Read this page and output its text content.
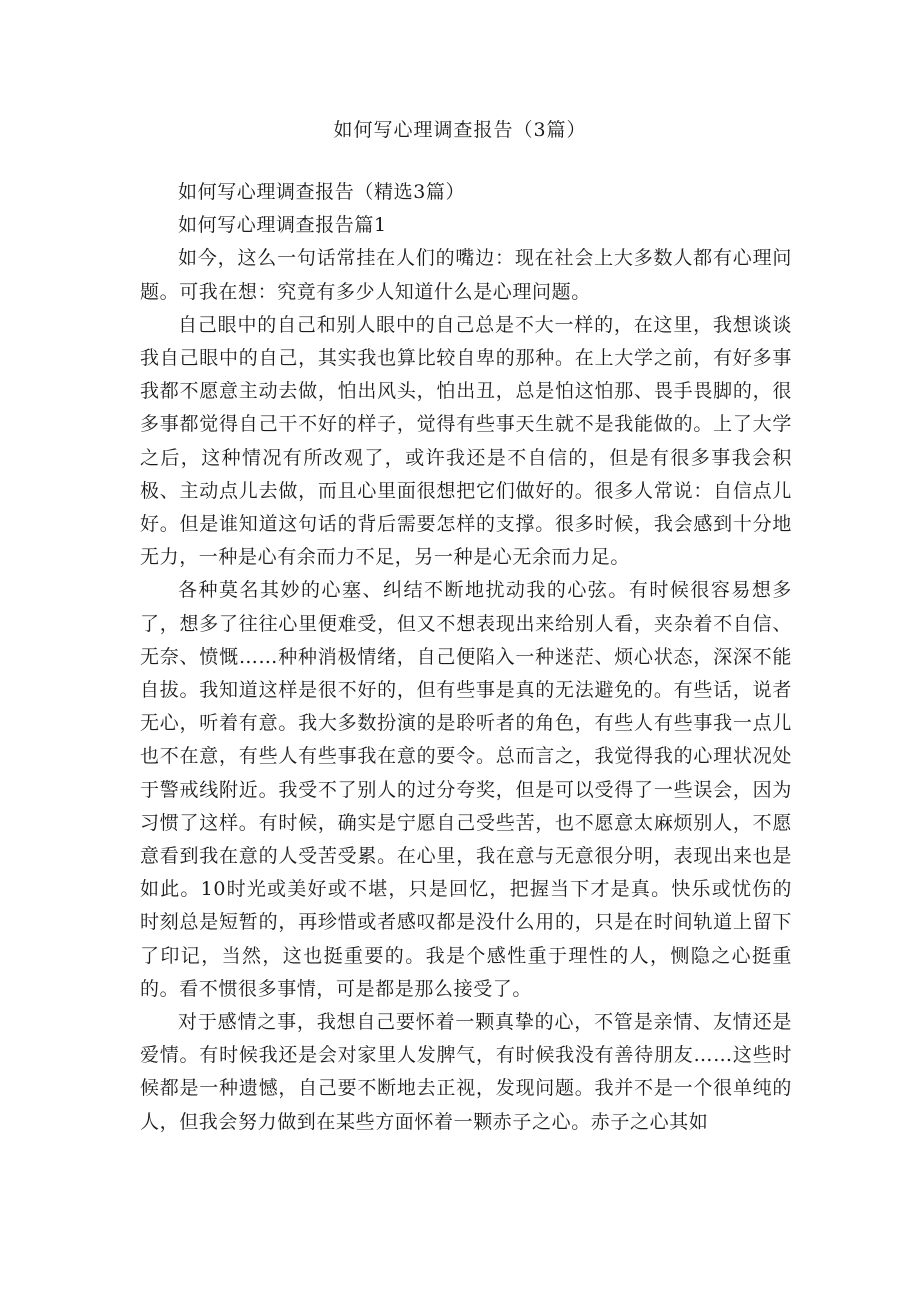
如何写心理调查报告（3篇）
如何写心理调查报告（精选3篇）
如何写心理调查报告篇1

如今，这么一句话常挂在人们的嘴边：现在社会上大多数人都有心理问题。可我在想：究竟有多少人知道什么是心理问题。

自己眼中的自己和别人眼中的自己总是不大一样的，在这里，我想谈谈我自己眼中的自己，其实我也算比较自卑的那种。在上大学之前，有好多事我都不愿意主动去做，怕出风头，怕出丑，总是怕这怕那、畏手畏脚的，很多事都觉得自己干不好的样子，觉得有些事天生就不是我能做的。上了大学之后，这种情况有所改观了，或许我还是不自信的，但是有很多事我会积极、主动点儿去做，而且心里面很想把它们做好的。很多人常说：自信点儿好。但是谁知道这句话的背后需要怎样的支撑。很多时候，我会感到十分地无力，一种是心有余而力不足，另一种是心无余而力足。

各种莫名其妙的心塞、纠结不断地扰动我的心弦。有时候很容易想多了，想多了往往心里便难受，但又不想表现出来给别人看，夹杂着不自信、无奈、愤慨……种种消极情绪，自己便陷入一种迷茫、烦心状态，深深不能自拔。我知道这样是很不好的，但有些事是真的无法避免的。有些话，说者无心，听着有意。我大多数扮演的是聆听者的角色，有些人有些事我一点儿也不在意，有些人有些事我在意的要令。总而言之，我觉得我的心理状况处于警戒线附近。我受不了别人的过分夸奖，但是可以受得了一些误会，因为习惯了这样。有时候，确实是宁愿自己受些苦，也不愿意太麻烦别人，不愿意看到我在意的人受苦受累。在心里，我在意与无意很分明，表现出来也是如此。10时光或美好或不堪，只是回忆，把握当下才是真。快乐或忧伤的时刻总是短暂的，再珍惜或者感叹都是没什么用的，只是在时间轨道上留下了印记，当然，这也挺重要的。我是个感性重于理性的人，恻隐之心挺重的。看不惯很多事情，可是都是那么接受了。

对于感情之事，我想自己要怀着一颗真挚的心，不管是亲情、友情还是爱情。有时候我还是会对家里人发脾气，有时候我没有善待朋友……这些时候都是一种遗憾，自己要不断地去正视，发现问题。我并不是一个很单纯的人，但我会努力做到在某些方面怀着一颗赤子之心。赤子之心其如
